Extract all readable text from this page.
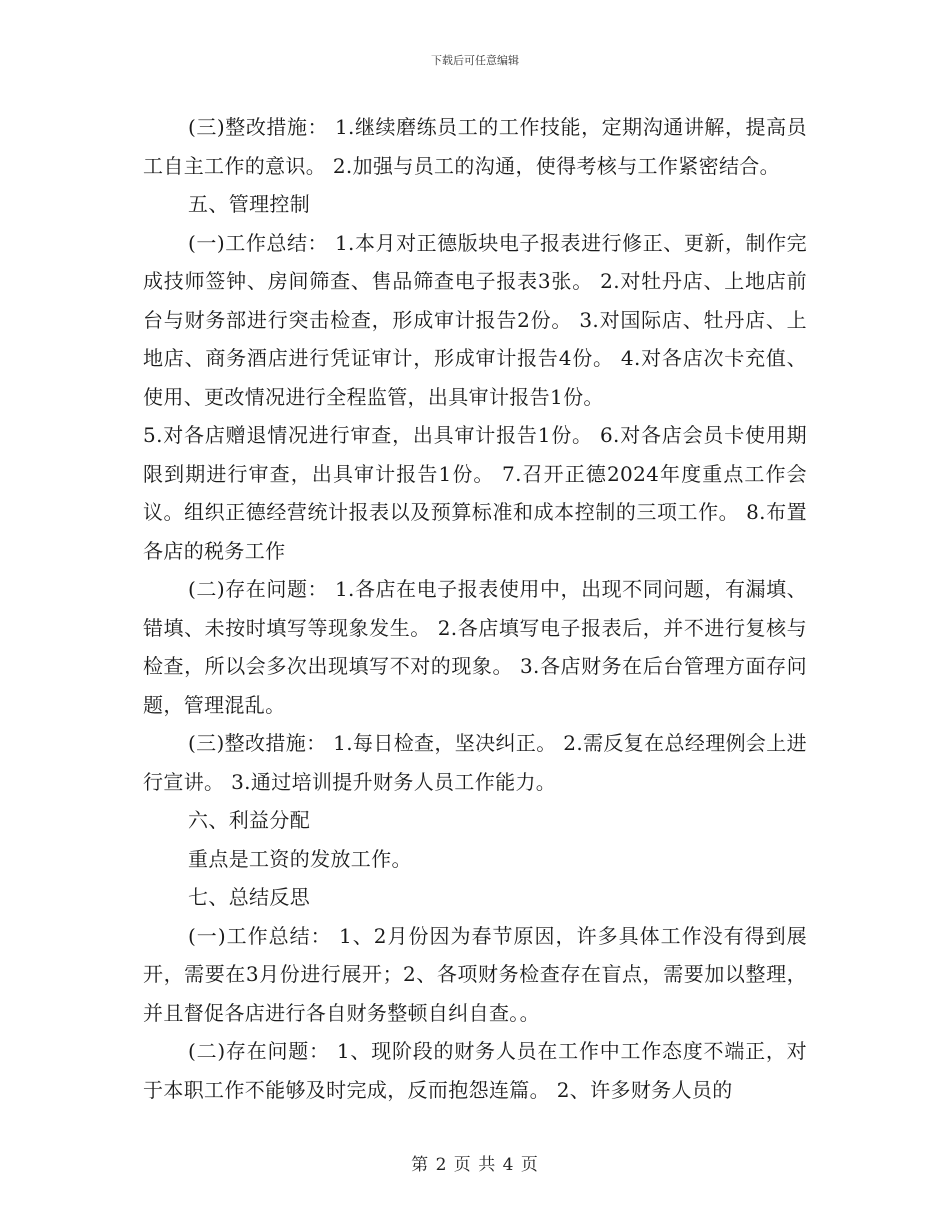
下载后可任意编辑

(三)整改措施： 1.继续磨练员工的工作技能，定期沟通讲解，提高员工自主工作的意识。 2.加强与员工的沟通，使得考核与工作紧密结合。

五、管理控制

(一)工作总结： 1.本月对正德版块电子报表进行修正、更新，制作完成技师签钟、房间筛查、售品筛查电子报表3张。 2.对牡丹店、上地店前台与财务部进行突击检查，形成审计报告2份。 3.对国际店、牡丹店、上地店、商务酒店进行凭证审计，形成审计报告4份。 4.对各店次卡充值、使用、更改情况进行全程监管，出具审计报告1份。

5.对各店赠退情况进行审查，出具审计报告1份。 6.对各店会员卡使用期限到期进行审查，出具审计报告1份。 7.召开正德2024年度重点工作会议。组织正德经营统计报表以及预算标准和成本控制的三项工作。 8.布置各店的税务工作

(二)存在问题： 1.各店在电子报表使用中，出现不同问题，有漏填、错填、未按时填写等现象发生。 2.各店填写电子报表后，并不进行复核与检查，所以会多次出现填写不对的现象。 3.各店财务在后台管理方面存问题，管理混乱。

(三)整改措施： 1.每日检查，坚决纠正。 2.需反复在总经理例会上进行宣讲。 3.通过培训提升财务人员工作能力。

六、利益分配

重点是工资的发放工作。

七、总结反思

(一)工作总结： 1、2月份因为春节原因，许多具体工作没有得到展开，需要在3月份进行展开；2、各项财务检查存在盲点，需要加以整理，并且督促各店进行各自财务整顿自纠自查。。

(二)存在问题： 1、现阶段的财务人员在工作中工作态度不端正，对于本职工作不能够及时完成，反而抱怨连篇。 2、许多财务人员的

第 2 页 共 4 页
